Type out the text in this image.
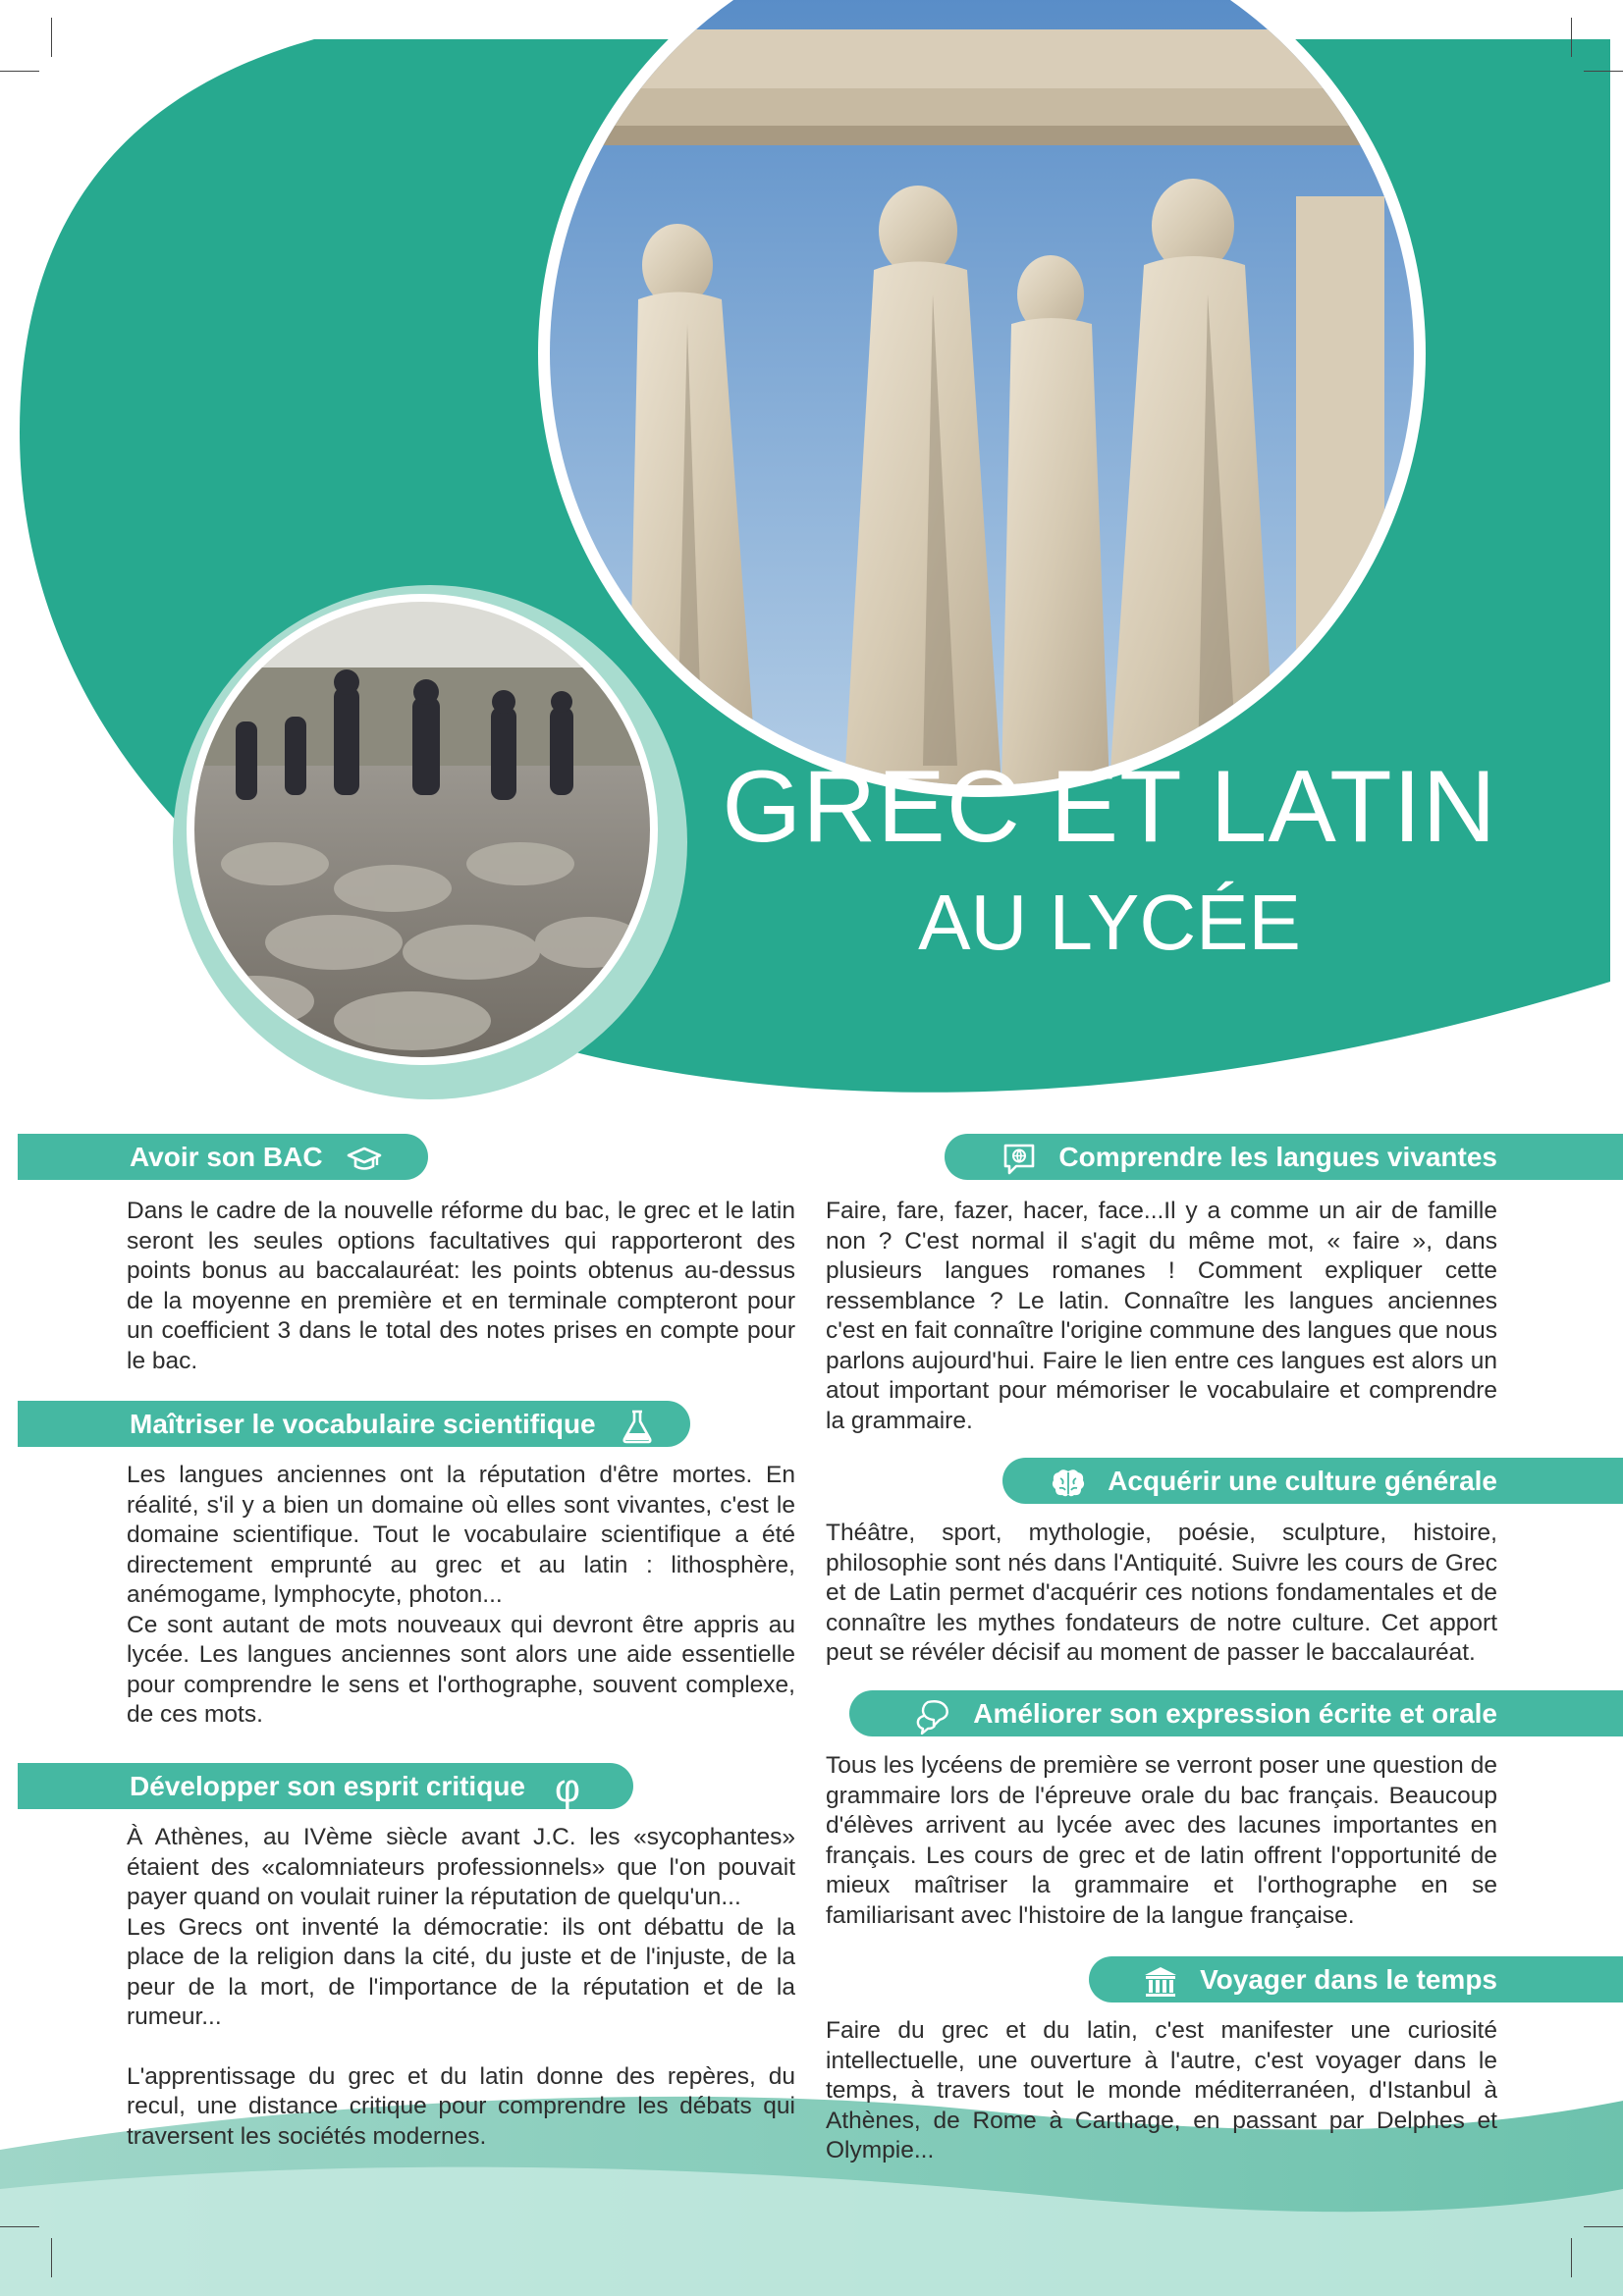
GREC ET LATIN
AU LYCÉE
Avoir son BAC

Dans le cadre de la nouvelle réforme du bac, le grec et le latin seront les seules options facultatives qui rapporteront des points bonus au baccalauréat: les points obtenus au-dessus de la moyenne en première et en terminale compteront pour un coefficient 3 dans le total des notes prises en compte pour le bac.

Maîtriser le vocabulaire scientifique

Les langues anciennes ont la réputation d'être mortes. En réalité, s'il y a bien un domaine où elles sont vivantes, c'est le domaine scientifique. Tout le vocabulaire scientifique a été directement emprunté au grec et au latin : lithosphère, anémogame, lymphocyte, photon...

Ce sont autant de mots nouveaux qui devront être appris au lycée. Les langues anciennes sont alors une aide essentielle pour comprendre le sens et l'orthographe, souvent complexe, de ces mots.

Développer son esprit critique φ

À Athènes, au IVème siècle avant J.C. les «sycophantes» étaient des «calomniateurs professionnels» que l'on pouvait payer quand on voulait ruiner la réputation de quelqu'un...

Les Grecs ont inventé la démocratie: ils ont débattu de la place de la religion dans la cité, du juste et de l'injuste, de la peur de la mort, de l'importance de la réputation et de la rumeur...

L'apprentissage du grec et du latin donne des repères, du recul, une distance critique pour comprendre les débats qui traversent les sociétés modernes.

Comprendre les langues vivantes

Faire, fare, fazer, hacer, face...Il y a comme un air de famille non ? C'est normal il s'agit du même mot, « faire », dans plusieurs langues romanes ! Comment expliquer cette ressemblance ? Le latin. Connaître les langues anciennes c'est en fait connaître l'origine commune des langues que nous parlons aujourd'hui. Faire le lien entre ces langues est alors un atout important pour mémoriser le vocabulaire et comprendre la grammaire.

Acquérir une culture générale

Théâtre, sport, mythologie, poésie, sculpture, histoire, philosophie sont nés dans l'Antiquité. Suivre les cours de Grec et de Latin permet d'acquérir ces notions fondamentales et de connaître les mythes fondateurs de notre culture. Cet apport peut se révéler décisif au moment de passer le baccalauréat.

Améliorer son expression écrite et orale

Tous les lycéens de première se verront poser une question de grammaire lors de l'épreuve orale du bac français. Beaucoup d'élèves arrivent au lycée avec des lacunes importantes en français. Les cours de grec et de latin offrent l'opportunité de mieux maîtriser la grammaire et l'orthographe en se familiarisant avec l'histoire de la langue française.

Voyager dans le temps

Faire du grec et du latin, c'est manifester une curiosité intellectuelle, une ouverture à l'autre, c'est voyager dans le temps, à travers tout le monde méditerranéen, d'Istanbul à Athènes, de Rome à Carthage, en passant par Delphes et Olympie...
